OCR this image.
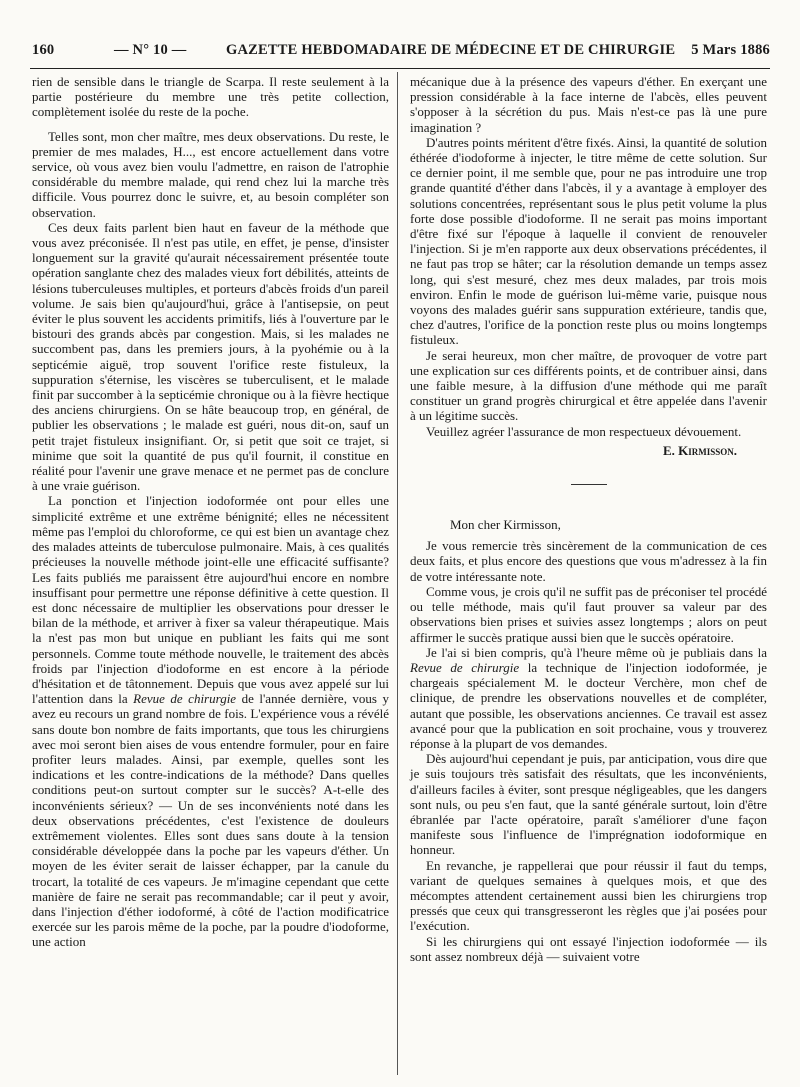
160	— N° 10 —	GAZETTE HEBDOMADAIRE DE MÉDECINE ET DE CHIRURGIE 5 Mars 1886

rien de sensible dans le triangle de Scarpa. Il reste seulement à la partie postérieure du membre une très petite collection, complètement isolée du reste de la poche.

Telles sont, mon cher maître, mes deux observations. Du reste, le premier de mes malades, H..., est encore actuellement dans votre service, où vous avez bien voulu l'admettre, en raison de l'atrophie considérable du membre malade, qui rend chez lui la marche très difficile. Vous pourrez donc le suivre, et, au besoin compléter son observation.

Ces deux faits parlent bien haut en faveur de la méthode que vous avez préconisée. Il n'est pas utile, en effet, je pense, d'insister longuement sur la gravité qu'aurait nécessairement présentée toute opération sanglante chez des malades vieux fort débilités, atteints de lésions tuberculeuses multiples, et porteurs d'abcès froids d'un pareil volume. Je sais bien qu'aujourd'hui, grâce à l'antisepsie, on peut éviter le plus souvent les accidents primitifs, liés à l'ouverture par le bistouri des grands abcès par congestion. Mais, si les malades ne succombent pas, dans les premiers jours, à la pyohémie ou à la septicémie aiguë, trop souvent l'orifice reste fistuleux, la suppuration s'éternise, les viscères se tuberculisent, et le malade finit par succomber à la septicémie chronique ou à la fièvre hectique des anciens chirurgiens. On se hâte beaucoup trop, en général, de publier les observations ; le malade est guéri, nous dit-on, sauf un petit trajet fistuleux insignifiant. Or, si petit que soit ce trajet, si minime que soit la quantité de pus qu'il fournit, il constitue en réalité pour l'avenir une grave menace et ne permet pas de conclure à une vraie guérison.

La ponction et l'injection iodoformée ont pour elles une simplicité extrême et une extrême bénignité; elles ne nécessitent même pas l'emploi du chloroforme, ce qui est bien un avantage chez des malades atteints de tuberculose pulmonaire. Mais, à ces qualités précieuses la nouvelle méthode joint-elle une efficacité suffisante? Les faits publiés me paraissent être aujourd'hui encore en nombre insuffisant pour permettre une réponse définitive à cette question. Il est donc nécessaire de multiplier les observations pour dresser le bilan de la méthode, et arriver à fixer sa valeur thérapeutique. Mais la n'est pas mon but unique en publiant les faits qui me sont personnels. Comme toute méthode nouvelle, le traitement des abcès froids par l'injection d'iodoforme en est encore à la période d'hésitation et de tâtonnement. Depuis que vous avez appelé sur lui l'attention dans la Revue de chirurgie de l'année dernière, vous y avez eu recours un grand nombre de fois. L'expérience vous a révélé sans doute bon nombre de faits importants, que tous les chirurgiens avec moi seront bien aises de vous entendre formuler, pour en faire profiter leurs malades. Ainsi, par exemple, quelles sont les indications et les contre-indications de la méthode? Dans quelles conditions peut-on surtout compter sur le succès? A-t-elle des inconvénients sérieux? — Un de ses inconvénients noté dans les deux observations précédentes, c'est l'existence de douleurs extrêmement violentes. Elles sont dues sans doute à la tension considérable développée dans la poche par les vapeurs d'éther. Un moyen de les éviter serait de laisser échapper, par la canule du trocart, la totalité de ces vapeurs. Je m'imagine cependant que cette manière de faire ne serait pas recommandable; car il peut y avoir, dans l'injection d'éther iodoformé, à côté de l'action modificatrice exercée sur les parois même de la poche, par la poudre d'iodoforme, une action

mécanique due à la présence des vapeurs d'éther. En exerçant une pression considérable à la face interne de l'abcès, elles peuvent s'opposer à la sécrétion du pus. Mais n'est-ce pas là une pure imagination ?

D'autres points méritent d'être fixés. Ainsi, la quantité de solution éthérée d'iodoforme à injecter, le titre même de cette solution. Sur ce dernier point, il me semble que, pour ne pas introduire une trop grande quantité d'éther dans l'abcès, il y a avantage à employer des solutions concentrées, représentant sous le plus petit volume la plus forte dose possible d'iodoforme. Il ne serait pas moins important d'être fixé sur l'époque à laquelle il convient de renouveler l'injection. Si je m'en rapporte aux deux observations précédentes, il ne faut pas trop se hâter; car la résolution demande un temps assez long, qui s'est mesuré, chez mes deux malades, par trois mois environ. Enfin le mode de guérison lui-même varie, puisque nous voyons des malades guérir sans suppuration extérieure, tandis que, chez d'autres, l'orifice de la ponction reste plus ou moins longtemps fistuleux.

Je serai heureux, mon cher maître, de provoquer de votre part une explication sur ces différents points, et de contribuer ainsi, dans une faible mesure, à la diffusion d'une méthode qui me paraît constituer un grand progrès chirurgical et être appelée dans l'avenir à un légitime succès.

Veuillez agréer l'assurance de mon respectueux dévouement.

E. Kirmisson.

Mon cher Kirmisson,

Je vous remercie très sincèrement de la communication de ces deux faits, et plus encore des questions que vous m'adressez à la fin de votre intéressante note.

Comme vous, je crois qu'il ne suffit pas de préconiser tel procédé ou telle méthode, mais qu'il faut prouver sa valeur par des observations bien prises et suivies assez longtemps ; alors on peut affirmer le succès pratique aussi bien que le succès opératoire.

Je l'ai si bien compris, qu'à l'heure même où je publiais dans la Revue de chirurgie la technique de l'injection iodoformée, je chargeais spécialement M. le docteur Verchère, mon chef de clinique, de prendre les observations nouvelles et de compléter, autant que possible, les observations anciennes. Ce travail est assez avancé pour que la publication en soit prochaine, vous y trouverez réponse à la plupart de vos demandes.

Dès aujourd'hui cependant je puis, par anticipation, vous dire que je suis toujours très satisfait des résultats, que les inconvénients, d'ailleurs faciles à éviter, sont presque négligeables, que les dangers sont nuls, ou peu s'en faut, que la santé générale surtout, loin d'être ébranlée par l'acte opératoire, paraît s'améliorer d'une façon manifeste sous l'influence de l'imprégnation iodoformique en honneur.

En revanche, je rappellerai que pour réussir il faut du temps, variant de quelques semaines à quelques mois, et que des mécomptes attendent certainement aussi bien les chirurgiens trop pressés que ceux qui transgresseront les règles que j'ai posées pour l'exécution.

Si les chirurgiens qui ont essayé l'injection iodoformée — ils sont assez nombreux déjà — suivaient votre
